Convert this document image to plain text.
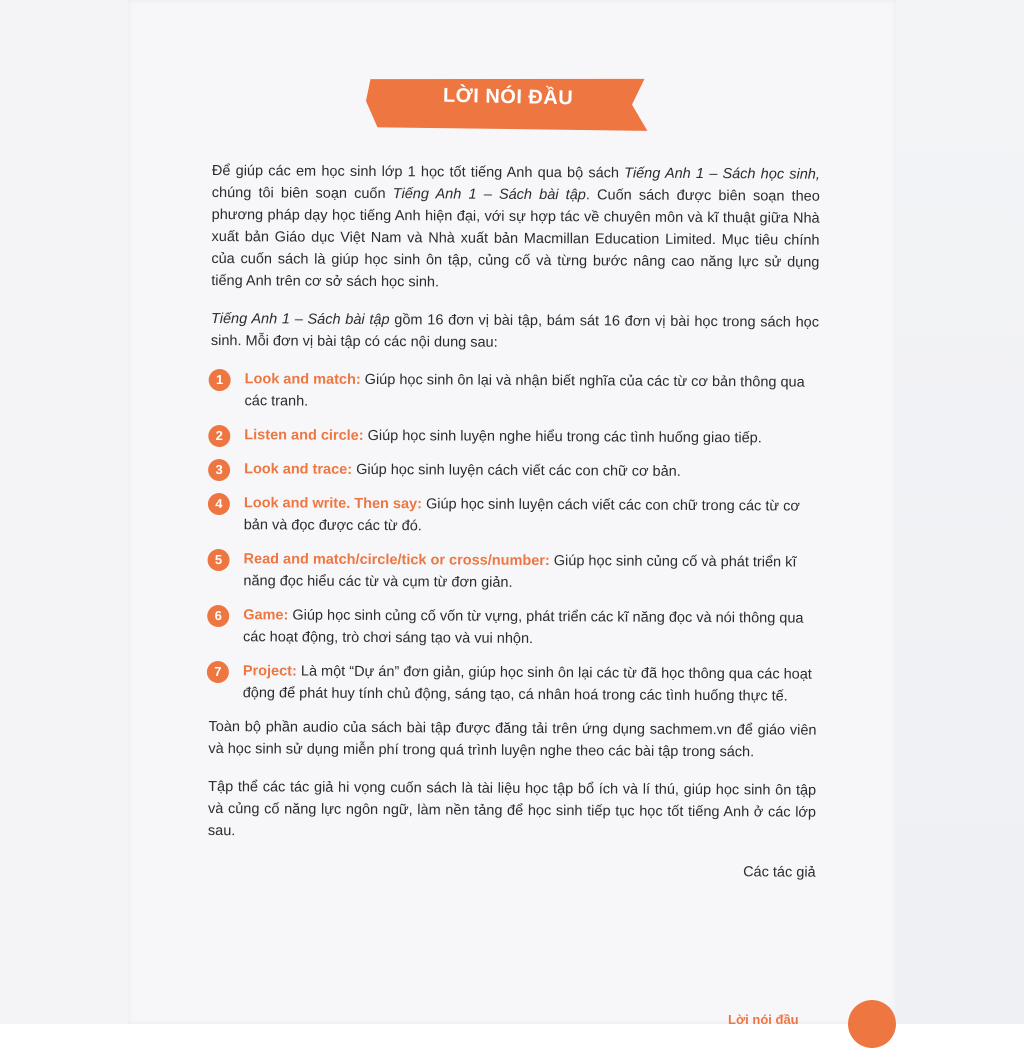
LỜI NÓI ĐẦU

Để giúp các em học sinh lớp 1 học tốt tiếng Anh qua bộ sách Tiếng Anh 1 – Sách học sinh, chúng tôi biên soạn cuốn Tiếng Anh 1 – Sách bài tập. Cuốn sách được biên soạn theo phương pháp dạy học tiếng Anh hiện đại, với sự hợp tác về chuyên môn và kĩ thuật giữa Nhà xuất bản Giáo dục Việt Nam và Nhà xuất bản Macmillan Education Limited. Mục tiêu chính của cuốn sách là giúp học sinh ôn tập, củng cố và từng bước nâng cao năng lực sử dụng tiếng Anh trên cơ sở sách học sinh.

Tiếng Anh 1 – Sách bài tập gồm 16 đơn vị bài tập, bám sát 16 đơn vị bài học trong sách học sinh. Mỗi đơn vị bài tập có các nội dung sau:

1	Look and match: Giúp học sinh ôn lại và nhận biết nghĩa của các từ cơ bản thông qua các tranh.
2	Listen and circle: Giúp học sinh luyện nghe hiểu trong các tình huống giao tiếp.
3	Look and trace: Giúp học sinh luyện cách viết các con chữ cơ bản.
4	Look and write. Then say: Giúp học sinh luyện cách viết các con chữ trong các từ cơ bản và đọc được các từ đó.
5	Read and match/circle/tick or cross/number: Giúp học sinh củng cố và phát triển kĩ năng đọc hiểu các từ và cụm từ đơn giản.
6	Game: Giúp học sinh củng cố vốn từ vựng, phát triển các kĩ năng đọc và nói thông qua các hoạt động, trò chơi sáng tạo và vui nhộn.
7	Project: Là một “Dự án” đơn giản, giúp học sinh ôn lại các từ đã học thông qua các hoạt động để phát huy tính chủ động, sáng tạo, cá nhân hoá trong các tình huống thực tế.

Toàn bộ phần audio của sách bài tập được đăng tải trên ứng dụng sachmem.vn để giáo viên và học sinh sử dụng miễn phí trong quá trình luyện nghe theo các bài tập trong sách.

Tập thể các tác giả hi vọng cuốn sách là tài liệu học tập bổ ích và lí thú, giúp học sinh ôn tập và củng cố năng lực ngôn ngữ, làm nền tảng để học sinh tiếp tục học tốt tiếng Anh ở các lớp sau.

Các tác giả
Lời nói đầu
